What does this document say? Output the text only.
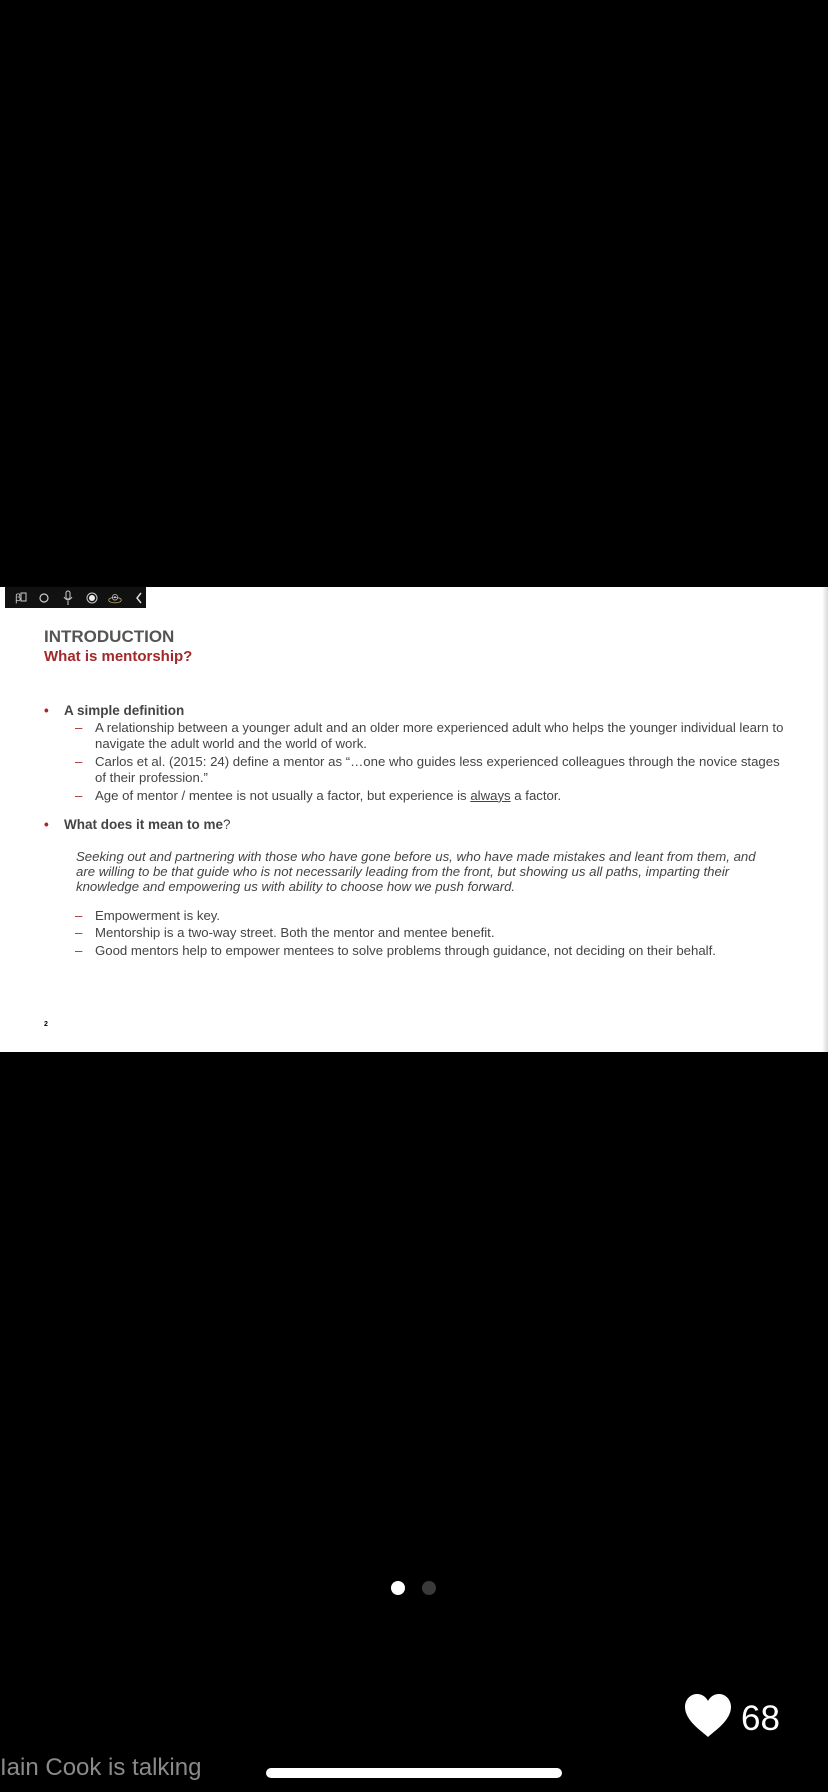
ꞵ
INTRODUCTION
What is mentorship?
• A simple definition
– A relationship between a younger adult and an older more experienced adult who helps the younger individual learn to navigate the adult world and the world of work.
– Carlos et al. (2015: 24) define a mentor as “…one who guides less experienced colleagues through the novice stages of their profession.”
– Age of mentor / mentee is not usually a factor, but experience is always a factor.
• What does it mean to me?

Seeking out and partnering with those who have gone before us, who have made mistakes and leant from them, and are willing to be that guide who is not necessarily leading from the front, but showing us all paths, imparting their knowledge and empowering us with ability to choose how we push forward.

– Empowerment is key.
– Mentorship is a two-way street. Both the mentor and mentee benefit.
– Good mentors help to empower mentees to solve problems through guidance, not deciding on their behalf.
2
68
Iain Cook is talking
